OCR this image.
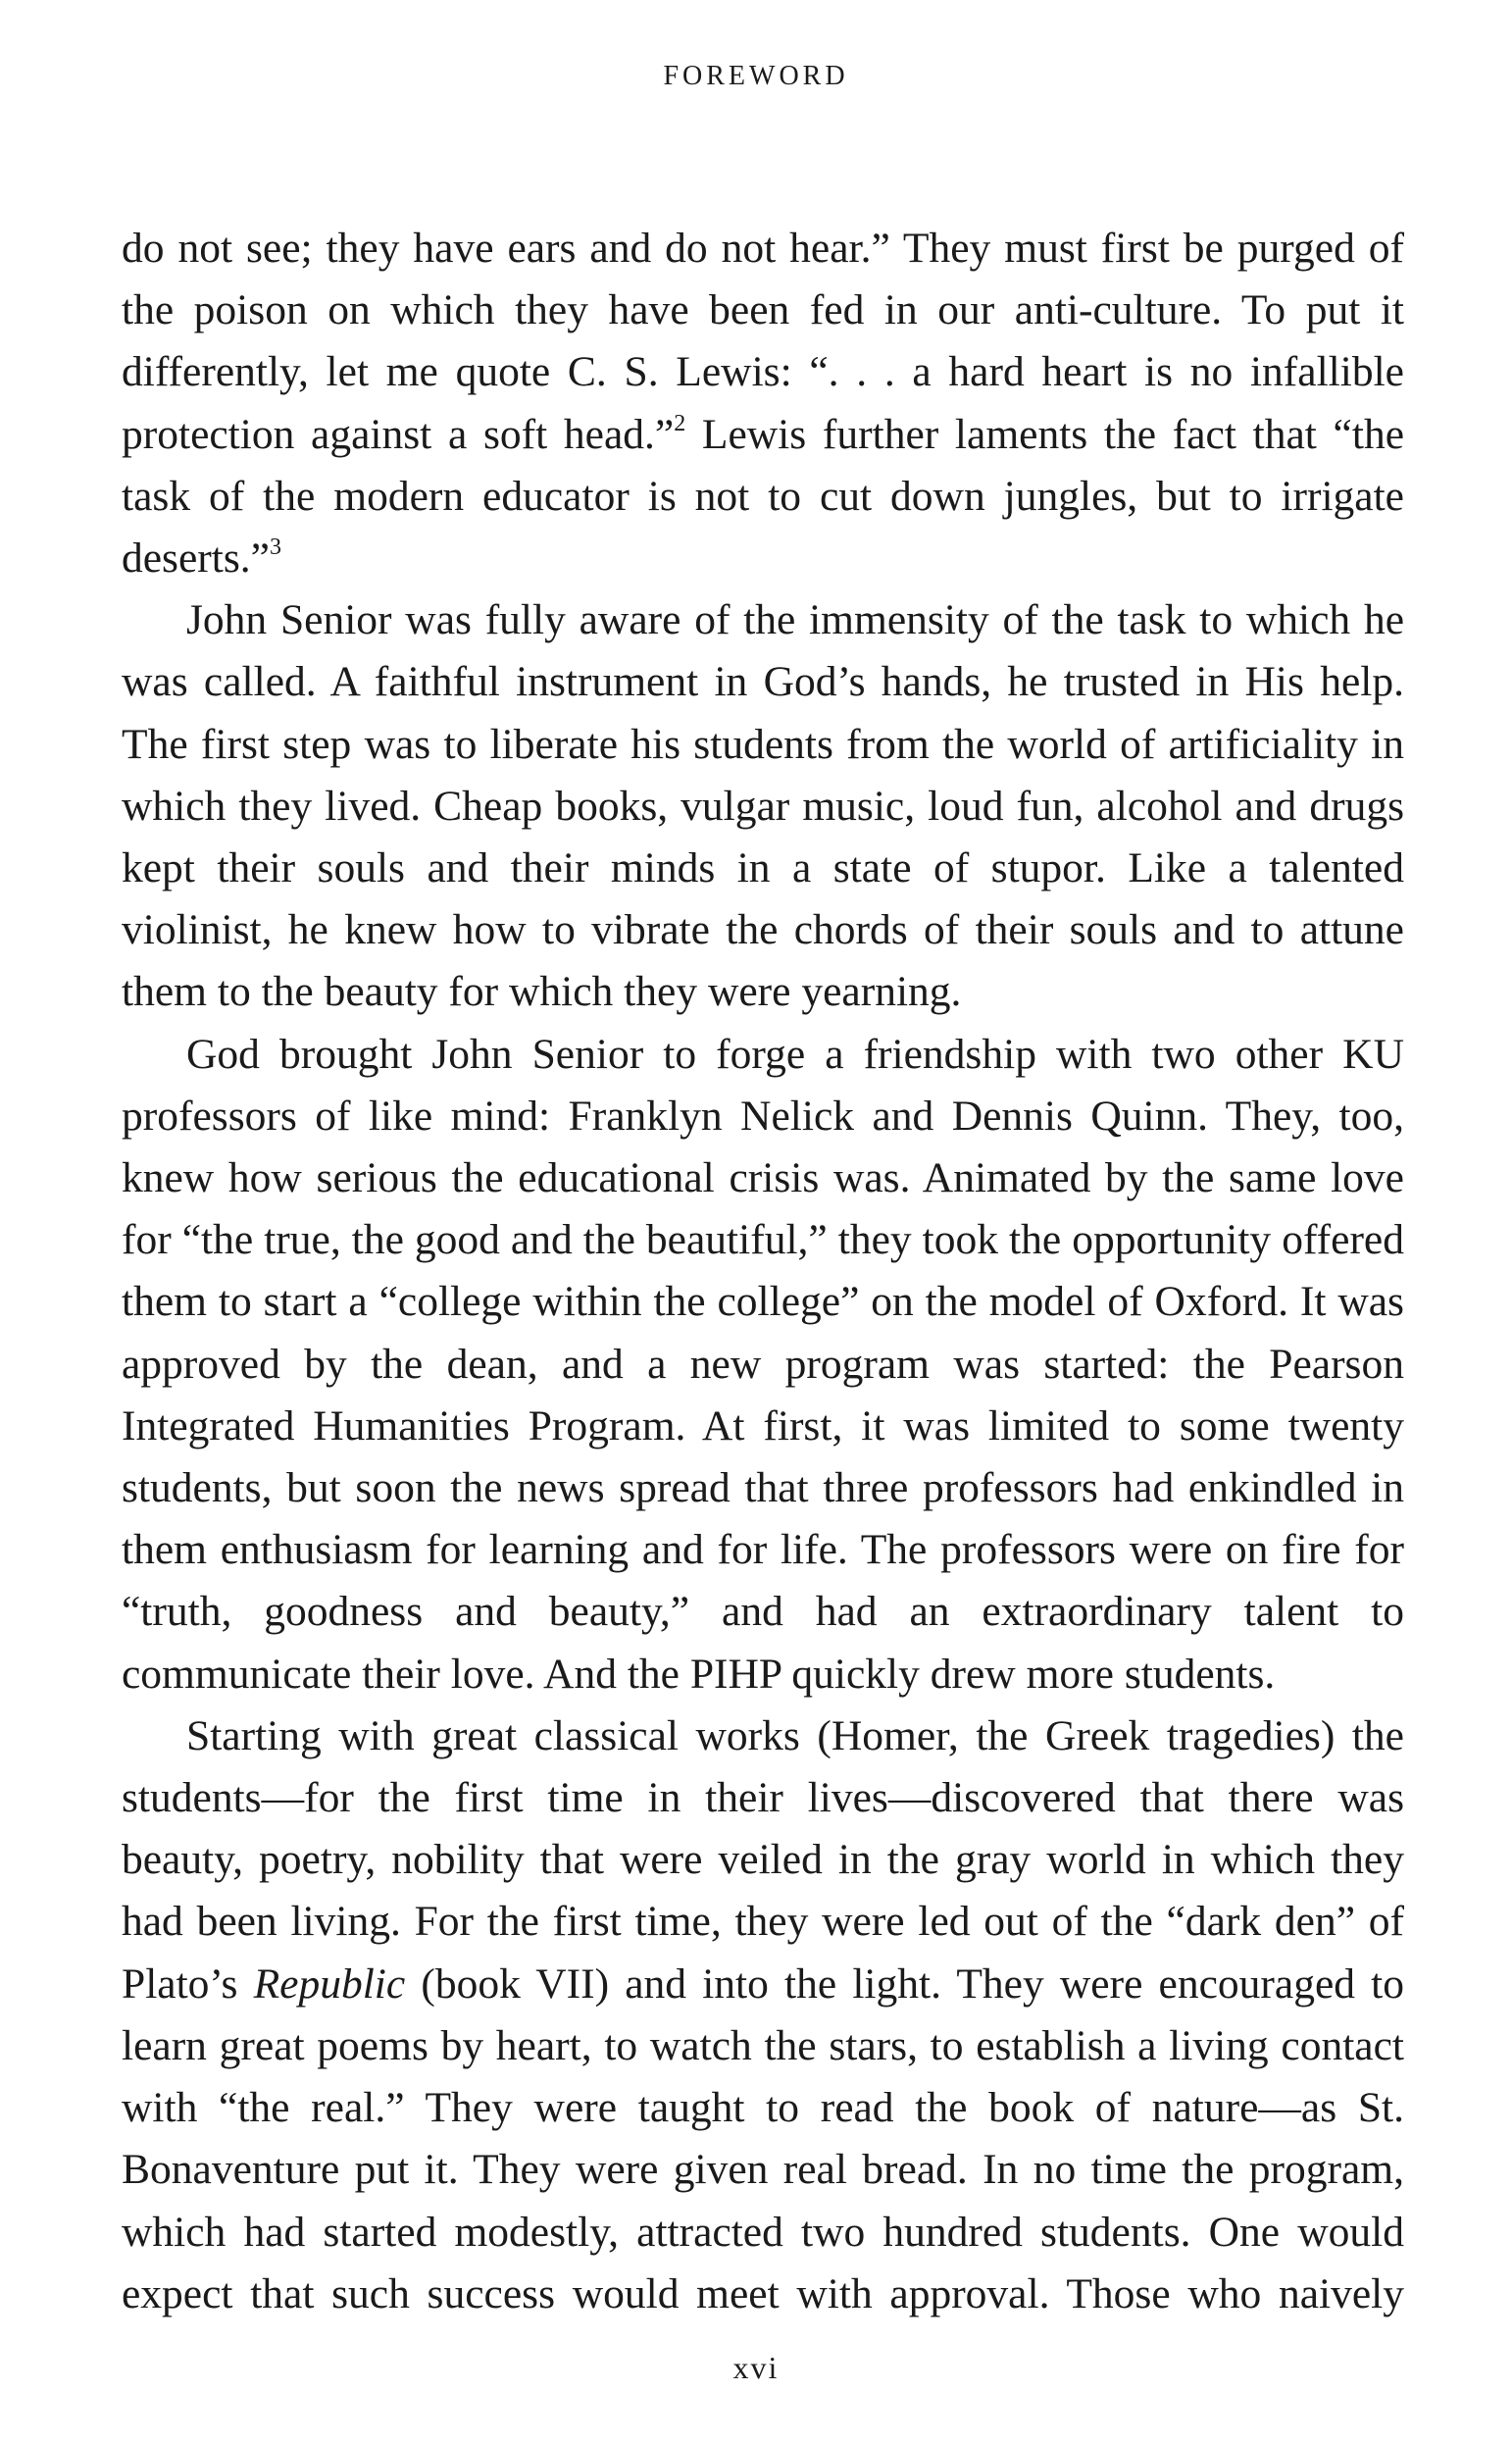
FOREWORD

do not see; they have ears and do not hear.” They must first be purged of the poison on which they have been fed in our anti-culture. To put it differently, let me quote C. S. Lewis: “. . . a hard heart is no infallible protection against a soft head.”$^2$ Lewis further laments the fact that “the task of the modern educator is not to cut down jungles, but to irrigate deserts.”$^3$

John Senior was fully aware of the immensity of the task to which he was called. A faithful instrument in God’s hands, he trusted in His help. The first step was to liberate his students from the world of artificiality in which they lived. Cheap books, vulgar music, loud fun, alcohol and drugs kept their souls and their minds in a state of stupor. Like a talented violinist, he knew how to vibrate the chords of their souls and to attune them to the beauty for which they were yearning.

God brought John Senior to forge a friendship with two other KU professors of like mind: Franklyn Nelick and Dennis Quinn. They, too, knew how serious the educational crisis was. Animated by the same love for “the true, the good and the beautiful,” they took the opportunity offered them to start a “college within the college” on the model of Oxford. It was approved by the dean, and a new program was started: the Pearson Integrated Humanities Program. At first, it was limited to some twenty students, but soon the news spread that three professors had enkindled in them enthusiasm for learning and for life. The professors were on fire for “truth, goodness and beauty,” and had an extraordinary talent to communicate their love. And the PIHP quickly drew more students.

Starting with great classical works (Homer, the Greek tragedies) the students—for the first time in their lives—discovered that there was beauty, poetry, nobility that were veiled in the gray world in which they had been living. For the first time, they were led out of the “dark den” of Plato’s Republic (book VII) and into the light. They were encouraged to learn great poems by heart, to watch the stars, to establish a living contact with “the real.” They were taught to read the book of nature—as St. Bonaventure put it. They were given real bread. In no time the program, which had started modestly, attracted two hundred students. One would expect that such success would meet with approval. Those who naively

xvi
